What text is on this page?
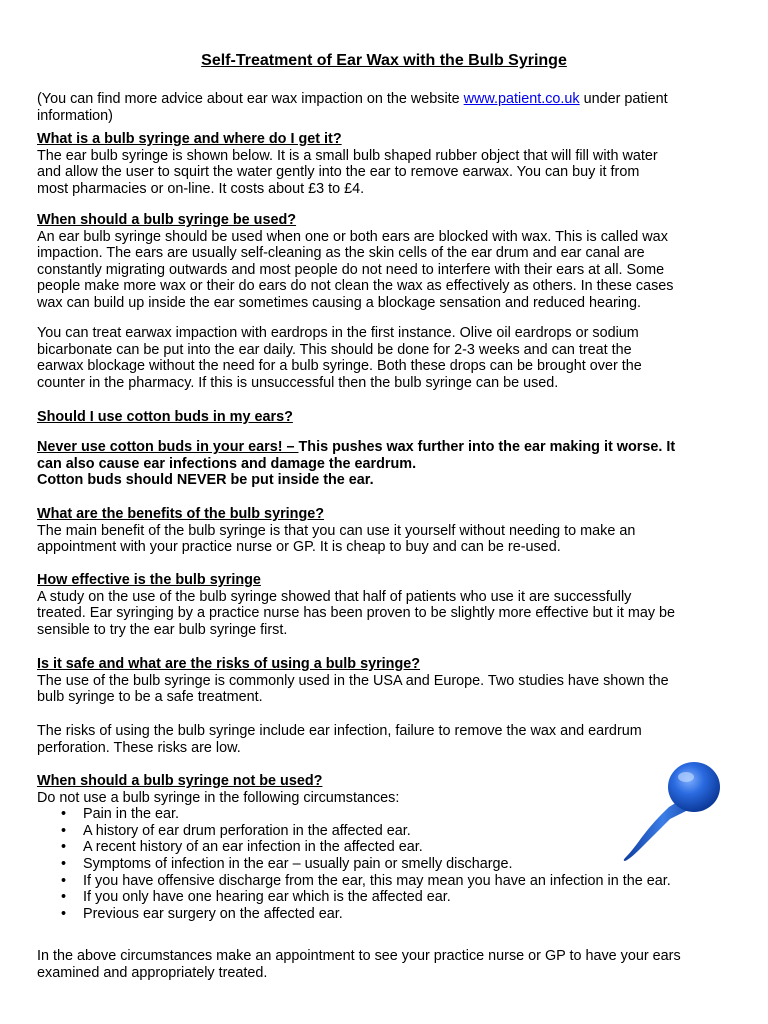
Self-Treatment of Ear Wax with the Bulb Syringe

(You can find more advice about ear wax impaction on the website www.patient.co.uk under patient

information)

What is a bulb syringe and where do I get it?

The ear bulb syringe is shown below. It is a small bulb shaped rubber object that will fill with water

and allow the user to squirt the water gently into the ear to remove earwax. You can buy it from

most pharmacies or on-line. It costs about £3 to £4.

When should a bulb syringe be used?

An ear bulb syringe should be used when one or both ears are blocked with wax. This is called wax

impaction. The ears are usually self-cleaning as the skin cells of the ear drum and ear canal are

constantly migrating outwards and most people do not need to interfere with their ears at all. Some

people make more wax or their do ears do not clean the wax as effectively as others. In these cases

wax can build up inside the ear sometimes causing a blockage sensation and reduced hearing.

You can treat earwax impaction with eardrops in the first instance. Olive oil eardrops or sodium

bicarbonate can be put into the ear daily. This should be done for 2-3 weeks and can treat the

earwax blockage without the need for a bulb syringe. Both these drops can be brought over the

counter in the pharmacy. If this is unsuccessful then the bulb syringe can be used.

Should I use cotton buds in my ears?

Never use cotton buds in your ears! – This pushes wax further into the ear making it worse. It

can also cause ear infections and damage the eardrum.

Cotton buds should NEVER be put inside the ear.

What are the benefits of the bulb syringe?

The main benefit of the bulb syringe is that you can use it yourself without needing to make an

appointment with your practice nurse or GP. It is cheap to buy and can be re-used.

How effective is the bulb syringe

A study on the use of the bulb syringe showed that half of patients who use it are successfully

treated. Ear syringing by a practice nurse has been proven to be slightly more effective but it may be

sensible to try the ear bulb syringe first.

Is it safe and what are the risks of using a bulb syringe?

The use of the bulb syringe is commonly used in the USA and Europe. Two studies have shown the

bulb syringe to be a safe treatment.

The risks of using the bulb syringe include ear infection, failure to remove the wax and eardrum

perforation. These risks are low.

When should a bulb syringe not be used?

Do not use a bulb syringe in the following circumstances:

• Pain in the ear.
• A history of ear drum perforation in the affected ear.
• A recent history of an ear infection in the affected ear.
• Symptoms of infection in the ear – usually pain or smelly discharge.
• If you have offensive discharge from the ear, this may mean you have an infection in the ear.
• If you only have one hearing ear which is the affected ear.
• Previous ear surgery on the affected ear.

In the above circumstances make an appointment to see your practice nurse or GP to have your ears

examined and appropriately treated.
